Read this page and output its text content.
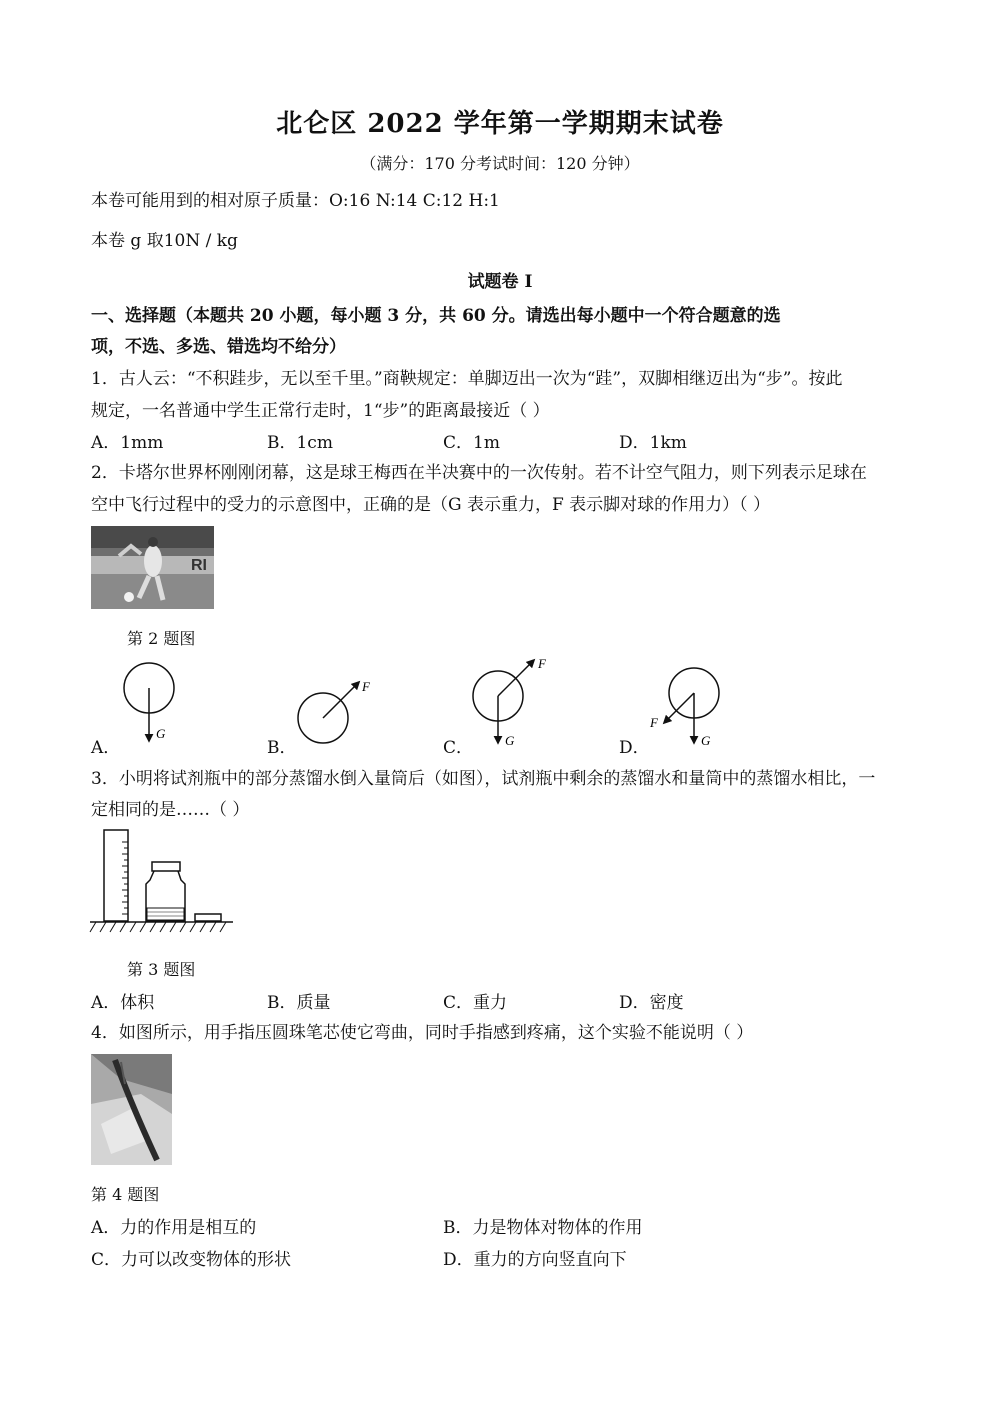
北仑区 2022 学年第一学期期末试卷
（满分：170 分考试时间：120 分钟）
本卷可能用到的相对原子质量：O:16 N:14 C:12 H:1
本卷 g 取10N / kg
试题卷 I
一、选择题（本题共 20 小题，每小题 3 分，共 60 分。请选出每小题中一个符合题意的选
项，不选、多选、错选均不给分）
1．古人云：“不积跬步，无以至千里。”商鞅规定：单脚迈出一次为“跬”，双脚相继迈出为“步”。按此
规定，一名普通中学生正常行走时，1“步”的距离最接近（ ）
A．1mm	B．1cm	C．1m	D．1km
2．卡塔尔世界杯刚刚闭幕，这是球王梅西在半决赛中的一次传射。若不计空气阻力，则下列表示足球在
空中飞行过程中的受力的示意图中，正确的是（G 表示重力，F 表示脚对球的作用力）（ ）
RI
第 2 题图
G
F
F
G
F
G
A．	B．	C．	D．
3．小明将试剂瓶中的部分蒸馏水倒入量筒后（如图），试剂瓶中剩余的蒸馏水和量筒中的蒸馏水相比，一
定相同的是……（ ）
第 3 题图
A．体积	B．质量	C．重力	D．密度
4．如图所示，用手指压圆珠笔芯使它弯曲，同时手指感到疼痛，这个实验不能说明（ ）
第 4 题图
A．力的作用是相互的	B．力是物体对物体的作用
C．力可以改变物体的形状	D．重力的方向竖直向下
